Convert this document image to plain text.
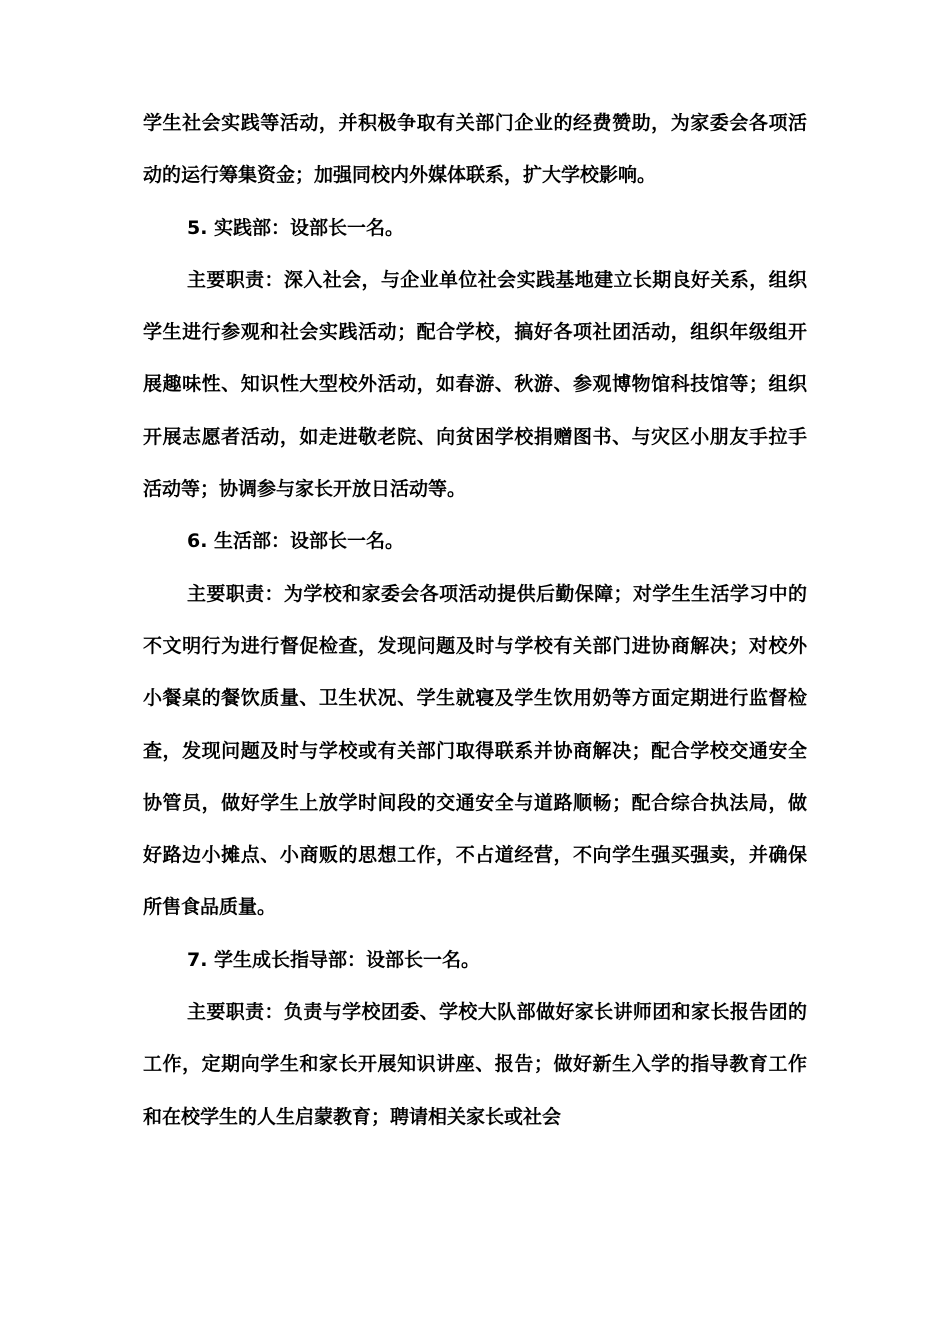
学生社会实践等活动，并积极争取有关部门企业的经费赞助，为家委会各项活动的运行筹集资金；加强同校内外媒体联系，扩大学校影响。

5. 实践部：设部长一名。

主要职责：深入社会，与企业单位社会实践基地建立长期良好关系，组织学生进行参观和社会实践活动；配合学校，搞好各项社团活动，组织年级组开展趣味性、知识性大型校外活动，如春游、秋游、参观博物馆科技馆等；组织开展志愿者活动，如走进敬老院、向贫困学校捐赠图书、与灾区小朋友手拉手活动等；协调参与家长开放日活动等。

6. 生活部：设部长一名。

主要职责：为学校和家委会各项活动提供后勤保障；对学生生活学习中的不文明行为进行督促检查，发现问题及时与学校有关部门进协商解决；对校外小餐桌的餐饮质量、卫生状况、学生就寝及学生饮用奶等方面定期进行监督检查，发现问题及时与学校或有关部门取得联系并协商解决；配合学校交通安全协管员，做好学生上放学时间段的交通安全与道路顺畅；配合综合执法局，做好路边小摊点、小商贩的思想工作，不占道经营，不向学生强买强卖，并确保所售食品质量。

7. 学生成长指导部：设部长一名。

主要职责：负责与学校团委、学校大队部做好家长讲师团和家长报告团的工作，定期向学生和家长开展知识讲座、报告；做好新生入学的指导教育工作和在校学生的人生启蒙教育；聘请相关家长或社会
